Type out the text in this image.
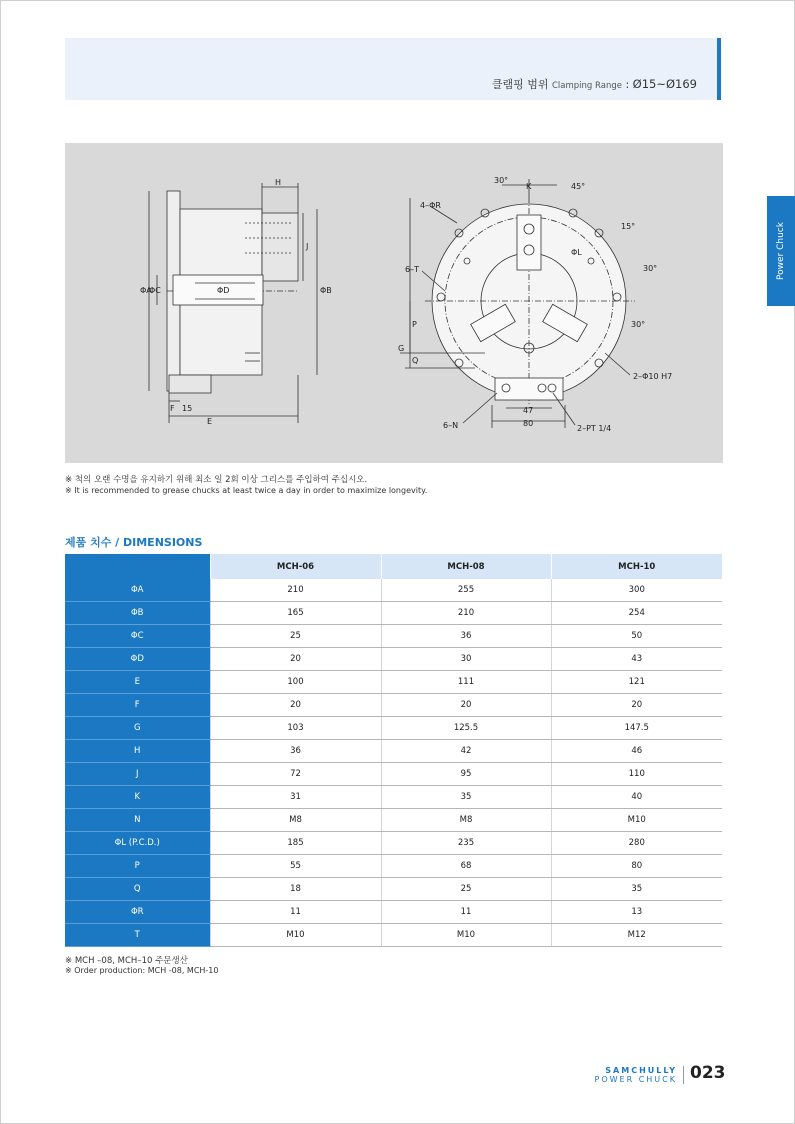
클램핑 범위 Clamping Range : Ø15~Ø169
Power Chuck
H
J
ΦA
ΦC	ΦD	ΦB
F 15
E
30°
K	45°
15°
30°
30°
4–ΦR
6–T
ΦL
P
G
Q
2–Φ10 H7
47
80
6–N	2–PT 1/4
※ 척의 오랜 수명을 유지하기 위해 최소 일 2회 이상 그리스를 주입하여 주십시오.
※ It is recommended to grease chucks at least twice a day in order to maximize longevity.
제품 치수 / DIMENSIONS
	MCH-06	MCH-08	MCH-10
ΦA	210	255	300
ΦB	165	210	254
ΦC	25	36	50
ΦD	20	30	43
E	100	111	121
F	20	20	20
G	103	125.5	147.5
H	36	42	46
J	72	95	110
K	31	35	40
N	M8	M8	M10
ΦL (P.C.D.)	185	235	280
P	55	68	80
Q	18	25	35
ΦR	11	11	13
T	M10	M10	M12
※ MCH –08, MCH–10 주문생산
※ Order production: MCH -08, MCH-10
SAMCHULLY
POWER CHUCK 023
